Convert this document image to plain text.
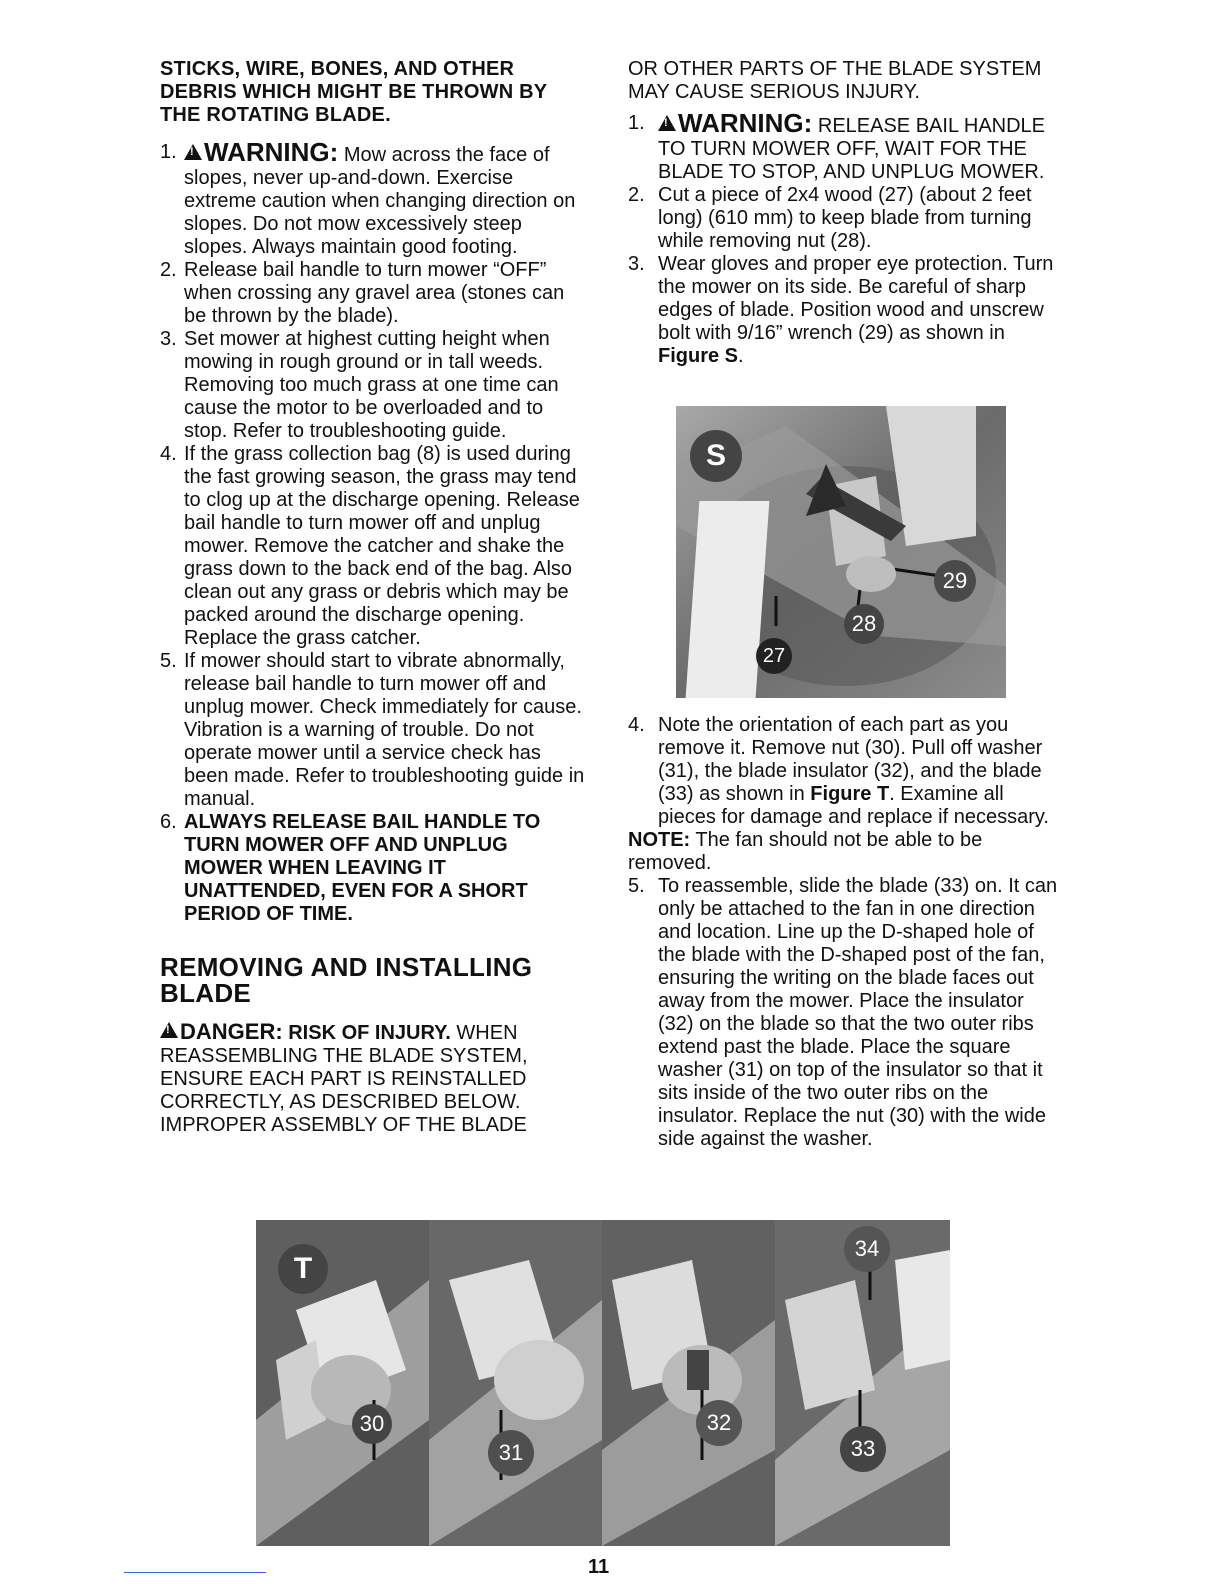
STICKS, WIRE, BONES, AND OTHER DEBRIS WHICH MIGHT BE THROWN BY THE ROTATING BLADE.

1. ! WARNING: Mow across the face of slopes, never up-and-down. Exercise extreme caution when changing direction on slopes. Do not mow excessively steep slopes. Always maintain good footing.
2. Release bail handle to turn mower “OFF” when crossing any gravel area (stones can be thrown by the blade).
3. Set mower at highest cutting height when mowing in rough ground or in tall weeds. Removing too much grass at one time can cause the motor to be overloaded and to stop. Refer to troubleshooting guide.
4. If the grass collection bag (8) is used during the fast growing season, the grass may tend to clog up at the discharge opening. Release bail handle to turn mower off and unplug mower. Remove the catcher and shake the grass down to the back end of the bag. Also clean out any grass or debris which may be packed around the discharge opening. Replace the grass catcher.
5. If mower should start to vibrate abnormally, release bail handle to turn mower off and unplug mower. Check immediately for cause. Vibration is a warning of trouble. Do not operate mower until a service check has been made. Refer to troubleshooting guide in manual.
6. ALWAYS RELEASE BAIL HANDLE TO TURN MOWER OFF AND UNPLUG MOWER WHEN LEAVING IT UNATTENDED, EVEN FOR A SHORT PERIOD OF TIME.
REMOVING AND INSTALLING BLADE
!DANGER: RISK OF INJURY. WHEN REASSEMBLING THE BLADE SYSTEM, ENSURE EACH PART IS REINSTALLED CORRECTLY, AS DESCRIBED BELOW. IMPROPER ASSEMBLY OF THE BLADE

OR OTHER PARTS OF THE BLADE SYSTEM MAY CAUSE SERIOUS INJURY.

1. ! WARNING: RELEASE BAIL HANDLE TO TURN MOWER OFF, WAIT FOR THE BLADE TO STOP, AND UNPLUG MOWER.
2. Cut a piece of 2x4 wood (27) (about 2 feet long) (610 mm) to keep blade from turning while removing nut (28).
3. Wear gloves and proper eye protection. Turn the mower on its side. Be careful of sharp edges of blade. Position wood and unscrew bolt with 9/16” wrench (29) as shown in Figure S.
S
27
28
29
4. Note the orientation of each part as you remove it. Remove nut (30). Pull off washer (31), the blade insulator (32), and the blade (33) as shown in Figure T. Examine all pieces for damage and replace if necessary.

NOTE: The fan should not be able to be removed.

5. To reassemble, slide the blade (33) on. It can only be attached to the fan in one direction and location. Line up the D-shaped hole of the blade with the D-shaped post of the fan, ensuring the writing on the blade faces out away from the mower. Place the insulator (32) on the blade so that the two outer ribs extend past the blade. Place the square washer (31) on top of the insulator so that it sits inside of the two outer ribs on the insulator. Replace the nut (30) with the wide side against the washer.
T
30
31
32
33
34
11
